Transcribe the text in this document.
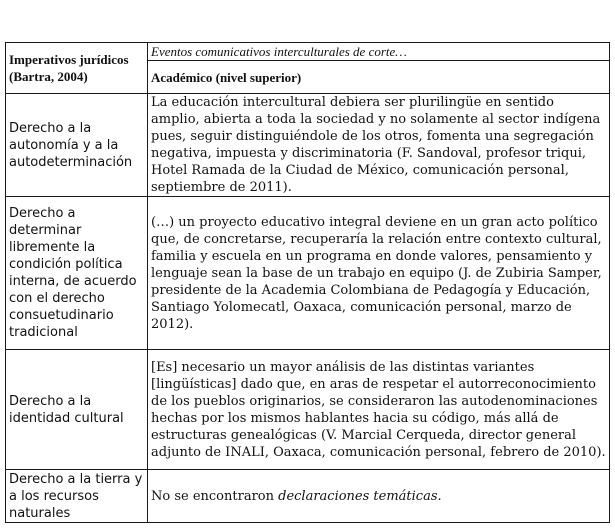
Imperativos jurídicos (Bartra, 2004)	Eventos comunicativos interculturales de corte…
	Académico (nivel superior)
Derecho a la autonomía y a la autodeterminación	La educación intercultural debiera ser plurilingüe en sentido amplio, abierta a toda la sociedad y no solamente al sector indígena pues, seguir distinguiéndole de los otros, fomenta una segregación negativa, impuesta y discriminatoria (F. Sandoval, profesor triqui, Hotel Ramada de la Ciudad de México, comunicación personal, septiembre de 2011).
Derecho a determinar libremente la condición política interna, de acuerdo con el derecho consuetudinario tradicional	(…) un proyecto educativo integral deviene en un gran acto político que, de concretarse, recuperaría la relación entre contexto cultural, familia y escuela en un programa en donde valores, pensamiento y lenguaje sean la base de un trabajo en equipo (J. de Zubiria Samper, presidente de la Academia Colombiana de Pedagogía y Educación, Santiago Yolomecatl, Oaxaca, comunicación personal, marzo de 2012).
Derecho a la identidad cultural	[Es] necesario un mayor análisis de las distintas variantes [lingüísticas] dado que, en aras de respetar el autorreconocimiento de los pueblos originarios, se consideraron las autodenominaciones hechas por los mismos hablantes hacia su código, más allá de estructuras genealógicas (V. Marcial Cerqueda, director general adjunto de INALI, Oaxaca, comunicación personal, febrero de 2010).
Derecho a la tierra y a los recursos naturales	No se encontraron declaraciones temáticas.
